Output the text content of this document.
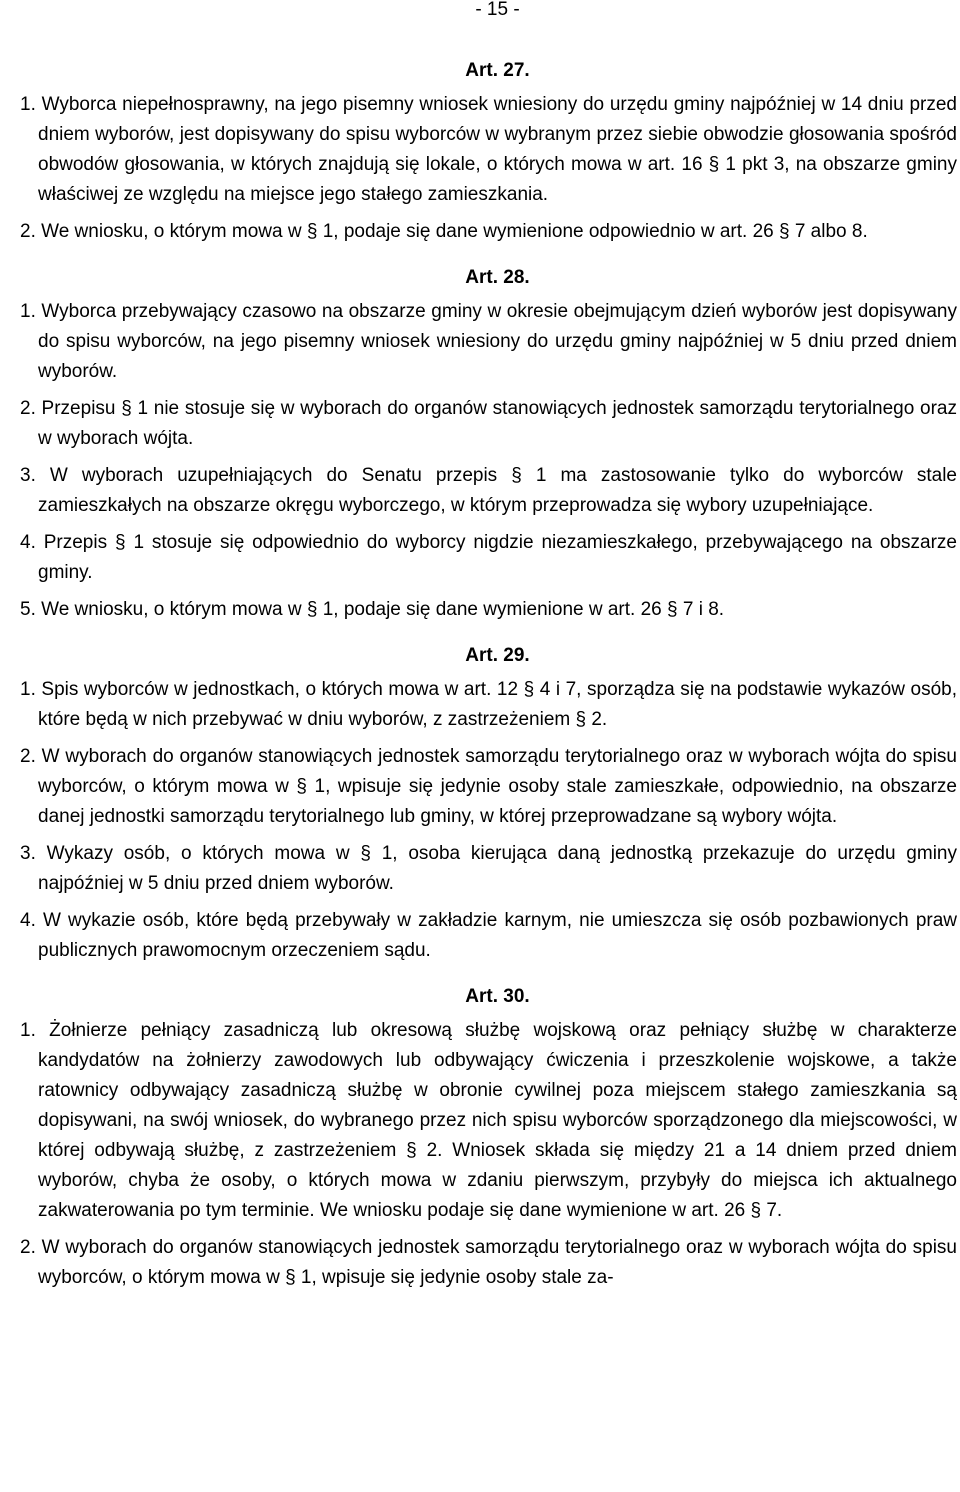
- 15 -
Art. 27.

1. Wyborca niepełnosprawny, na jego pisemny wniosek wniesiony do urzędu gminy najpóźniej w 14 dniu przed dniem wyborów, jest dopisywany do spisu wyborców w wybranym przez siebie obwodzie głosowania spośród obwodów głosowania, w których znajdują się lokale, o których mowa w art. 16 § 1 pkt 3, na obszarze gminy właściwej ze względu na miejsce jego stałego zamieszkania.

2. We wniosku, o którym mowa w § 1, podaje się dane wymienione odpowiednio w art. 26 § 7 albo 8.

Art. 28.

1. Wyborca przebywający czasowo na obszarze gminy w okresie obejmującym dzień wyborów jest dopisywany do spisu wyborców, na jego pisemny wniosek wniesiony do urzędu gminy najpóźniej w 5 dniu przed dniem wyborów.

2. Przepisu § 1 nie stosuje się w wyborach do organów stanowiących jednostek samorządu terytorialnego oraz w wyborach wójta.

3. W wyborach uzupełniających do Senatu przepis § 1 ma zastosowanie tylko do wyborców stale zamieszkałych na obszarze okręgu wyborczego, w którym przeprowadza się wybory uzupełniające.

4. Przepis § 1 stosuje się odpowiednio do wyborcy nigdzie niezamieszkałego, przebywającego na obszarze gminy.

5. We wniosku, o którym mowa w § 1, podaje się dane wymienione w art. 26 § 7 i 8.

Art. 29.

1. Spis wyborców w jednostkach, o których mowa w art. 12 § 4 i 7, sporządza się na podstawie wykazów osób, które będą w nich przebywać w dniu wyborów, z zastrzeżeniem § 2.

2. W wyborach do organów stanowiących jednostek samorządu terytorialnego oraz w wyborach wójta do spisu wyborców, o którym mowa w § 1, wpisuje się jedynie osoby stale zamieszkałe, odpowiednio, na obszarze danej jednostki samorządu terytorialnego lub gminy, w której przeprowadzane są wybory wójta.

3. Wykazy osób, o których mowa w § 1, osoba kierująca daną jednostką przekazuje do urzędu gminy najpóźniej w 5 dniu przed dniem wyborów.

4. W wykazie osób, które będą przebywały w zakładzie karnym, nie umieszcza się osób pozbawionych praw publicznych prawomocnym orzeczeniem sądu.

Art. 30.

1. Żołnierze pełniący zasadniczą lub okresową służbę wojskową oraz pełniący służbę w charakterze kandydatów na żołnierzy zawodowych lub odbywający ćwiczenia i przeszkolenie wojskowe, a także ratownicy odbywający zasadniczą służbę w obronie cywilnej poza miejscem stałego zamieszkania są dopisywani, na swój wniosek, do wybranego przez nich spisu wyborców sporządzonego dla miejscowości, w której odbywają służbę, z zastrzeżeniem § 2. Wniosek składa się między 21 a 14 dniem przed dniem wyborów, chyba że osoby, o których mowa w zdaniu pierwszym, przybyły do miejsca ich aktualnego zakwaterowania po tym terminie. We wniosku podaje się dane wymienione w art. 26 § 7.

2. W wyborach do organów stanowiących jednostek samorządu terytorialnego oraz w wyborach wójta do spisu wyborców, o którym mowa w § 1, wpisuje się jedynie osoby stale za-
